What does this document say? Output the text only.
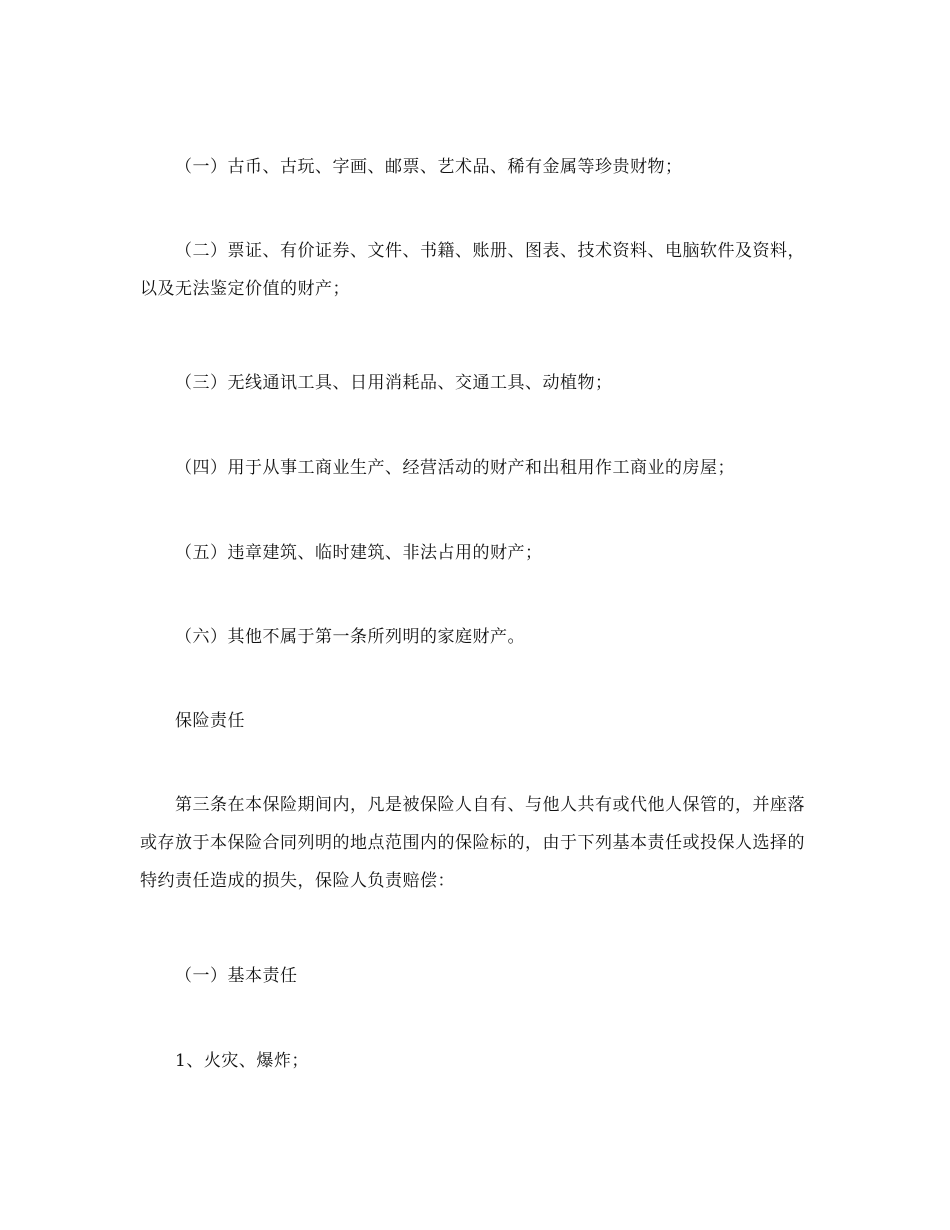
（一）古币、古玩、字画、邮票、艺术品、稀有金属等珍贵财物；

（二）票证、有价证券、文件、书籍、账册、图表、技术资料、电脑软件及资料，以及无法鉴定价值的财产；

（三）无线通讯工具、日用消耗品、交通工具、动植物；

（四）用于从事工商业生产、经营活动的财产和出租用作工商业的房屋；

（五）违章建筑、临时建筑、非法占用的财产；

（六）其他不属于第一条所列明的家庭财产。

保险责任

第三条在本保险期间内，凡是被保险人自有、与他人共有或代他人保管的，并座落或存放于本保险合同列明的地点范围内的保险标的，由于下列基本责任或投保人选择的特约责任造成的损失，保险人负责赔偿：

（一）基本责任

1、火灾、爆炸；
